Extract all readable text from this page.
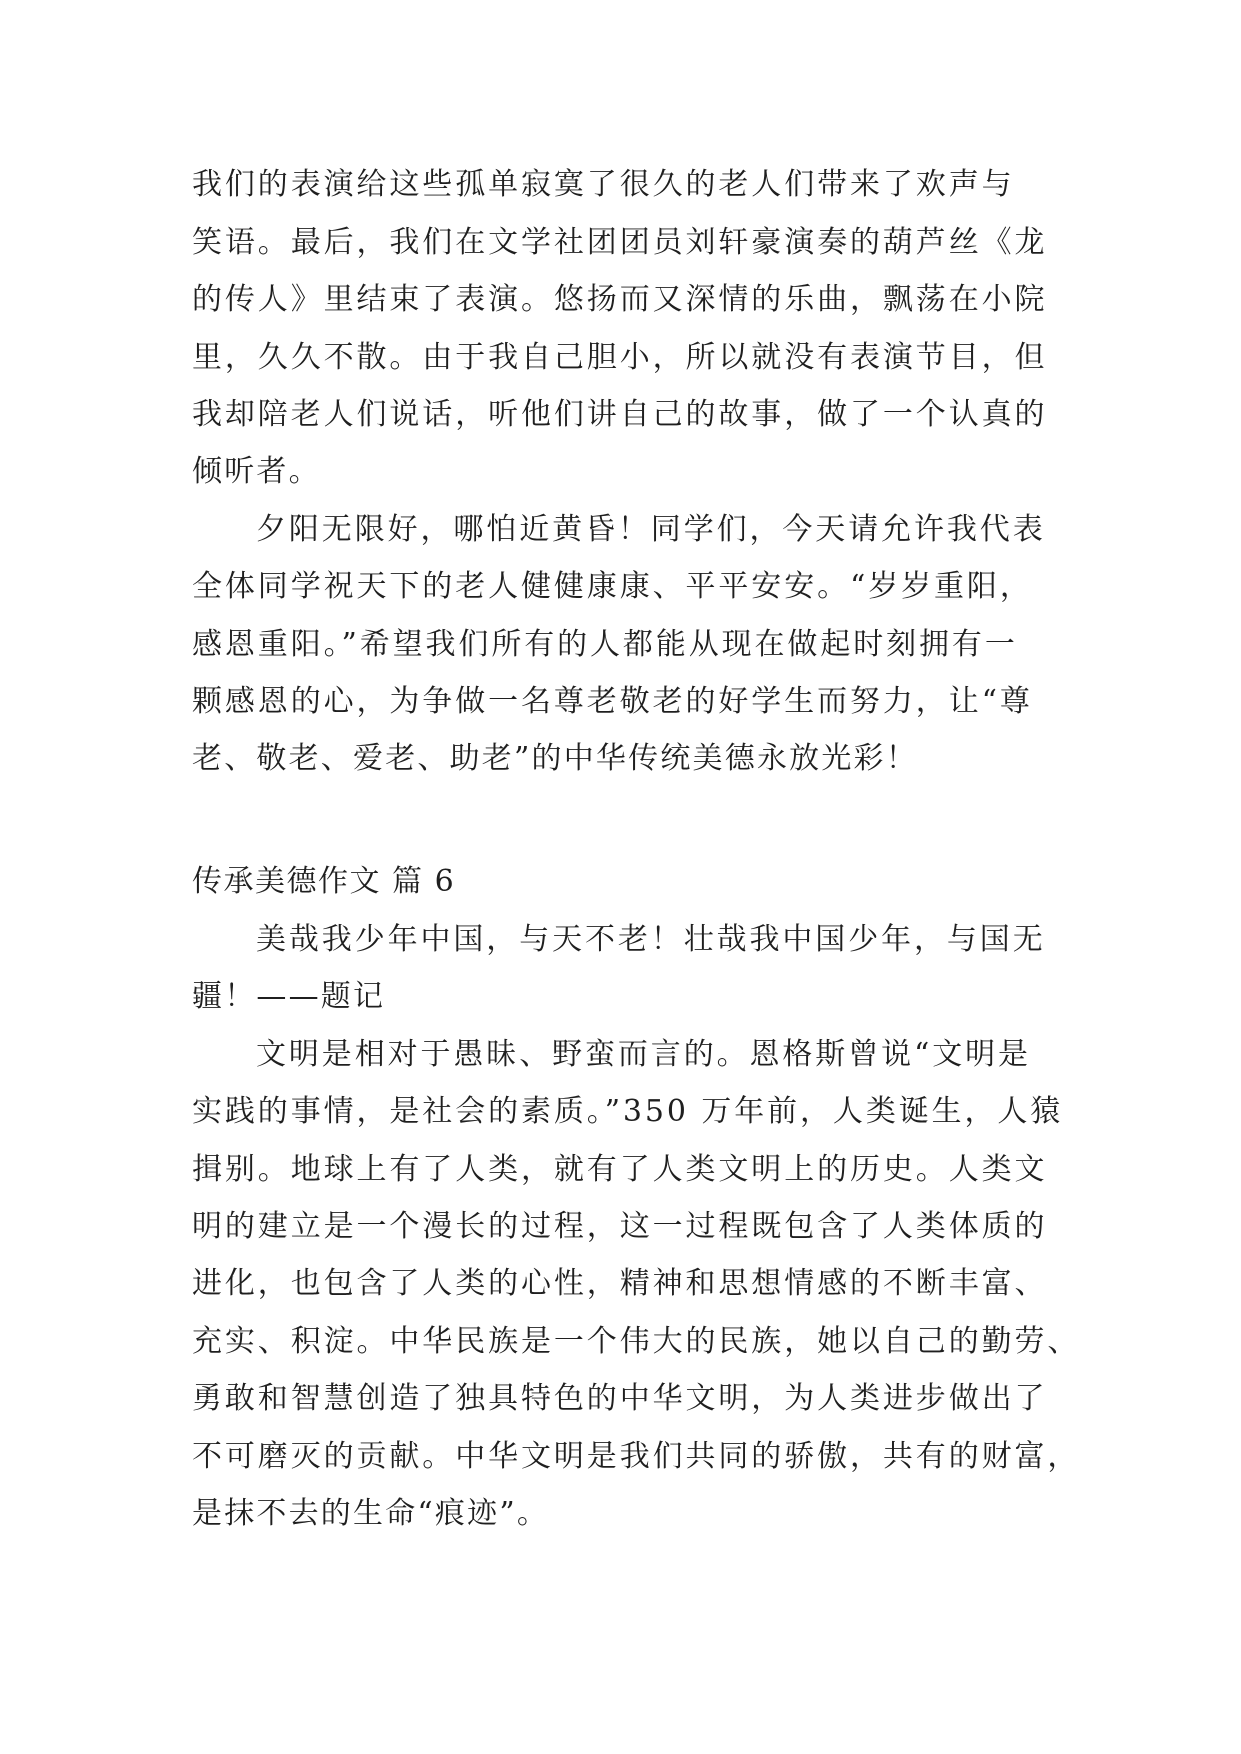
我们的表演给这些孤单寂寞了很久的老人们带来了欢声与
笑语。最后，我们在文学社团团员刘轩豪演奏的葫芦丝《龙
的传人》里结束了表演。悠扬而又深情的乐曲，飘荡在小院
里，久久不散。由于我自己胆小，所以就没有表演节目，但
我却陪老人们说话，听他们讲自己的故事，做了一个认真的
倾听者。
夕阳无限好，哪怕近黄昏！同学们，今天请允许我代表
全体同学祝天下的老人健健康康、平平安安。“岁岁重阳，
感恩重阳。”希望我们所有的人都能从现在做起时刻拥有一
颗感恩的心，为争做一名尊老敬老的好学生而努力，让“尊
老、敬老、爱老、助老”的中华传统美德永放光彩！
传承美德作文 篇 6
美哉我少年中国，与天不老！壮哉我中国少年，与国无
疆！——题记
文明是相对于愚昧、野蛮而言的。恩格斯曾说“文明是
实践的事情，是社会的素质。”350 万年前，人类诞生，人猿
揖别。地球上有了人类，就有了人类文明上的历史。人类文
明的建立是一个漫长的过程，这一过程既包含了人类体质的
进化，也包含了人类的心性，精神和思想情感的不断丰富、
充实、积淀。中华民族是一个伟大的民族，她以自己的勤劳、
勇敢和智慧创造了独具特色的中华文明，为人类进步做出了
不可磨灭的贡献。中华文明是我们共同的骄傲，共有的财富，
是抹不去的生命“痕迹”。
